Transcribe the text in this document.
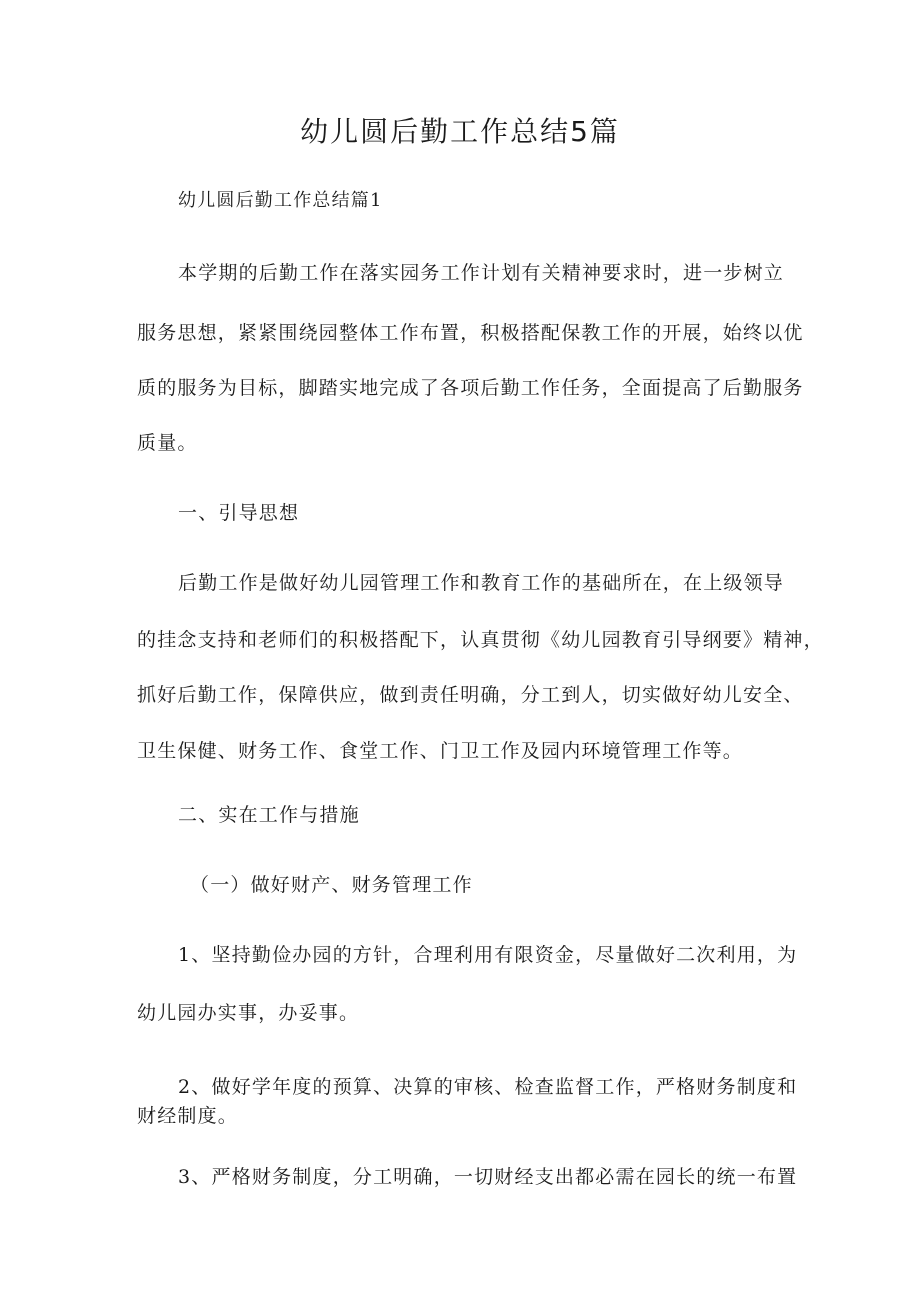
幼儿圆后勤工作总结5篇

幼儿圆后勤工作总结篇1

本学期的后勤工作在落实园务工作计划有关精神要求时，进一步树立

服务思想，紧紧围绕园整体工作布置，积极搭配保教工作的开展，始终以优

质的服务为目标，脚踏实地完成了各项后勤工作任务，全面提高了后勤服务

质量。

一、引导思想

后勤工作是做好幼儿园管理工作和教育工作的基础所在，在上级领导

的挂念支持和老师们的积极搭配下，认真贯彻《幼儿园教育引导纲要》精神，

抓好后勤工作，保障供应，做到责任明确，分工到人，切实做好幼儿安全、

卫生保健、财务工作、食堂工作、门卫工作及园内环境管理工作等。

二、实在工作与措施

（一）做好财产、财务管理工作

1、坚持勤俭办园的方针，合理利用有限资金，尽量做好二次利用，为

幼儿园办实事，办妥事。

2、做好学年度的预算、决算的审核、检查监督工作，严格财务制度和

财经制度。

3、严格财务制度，分工明确，一切财经支出都必需在园长的统一布置
